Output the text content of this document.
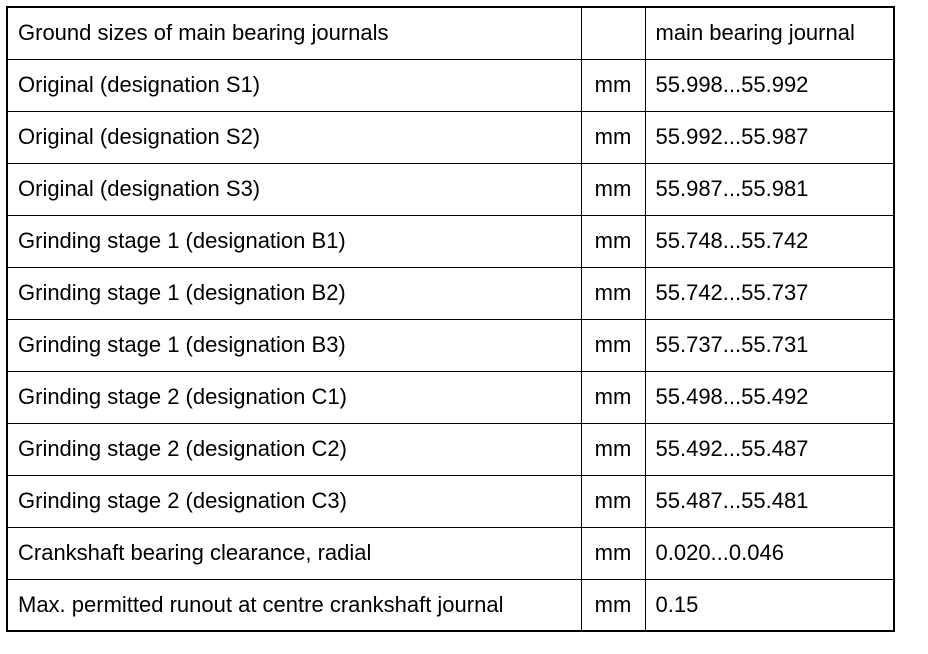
Ground sizes of main bearing journals		main bearing journal
Original (designation S1)	mm	55.998...55.992
Original (designation S2)	mm	55.992...55.987
Original (designation S3)	mm	55.987...55.981
Grinding stage 1 (designation B1)	mm	55.748...55.742
Grinding stage 1 (designation B2)	mm	55.742...55.737
Grinding stage 1 (designation B3)	mm	55.737...55.731
Grinding stage 2 (designation C1)	mm	55.498...55.492
Grinding stage 2 (designation C2)	mm	55.492...55.487
Grinding stage 2 (designation C3)	mm	55.487...55.481
Crankshaft bearing clearance, radial	mm	0.020...0.046
Max. permitted runout at centre crankshaft journal	mm	0.15
